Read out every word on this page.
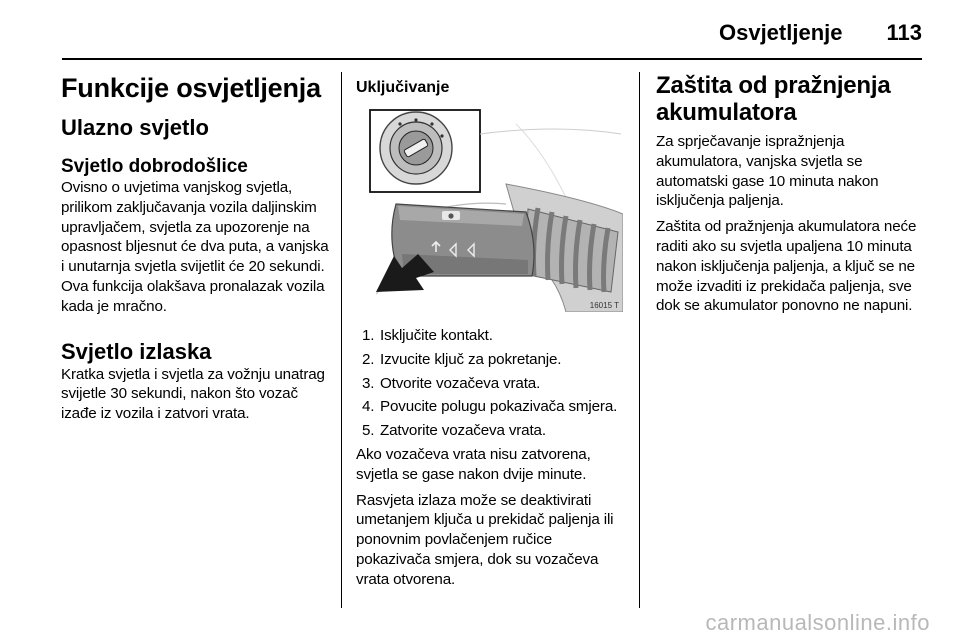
Osvjetljenje 113
Funkcije osvjetljenja
Ulazno svjetlo
Svjetlo dobrodošlice

Ovisno o uvjetima vanjskog svjetla, prilikom zaključavanja vozila daljinskim upravljačem, svjetla za upozorenje na opasnost bljesnut će dva puta, a vanjska i unutarnja svjetla svijetlit će 20 sekundi. Ova funkcija olakšava pronalazak vozila kada je mračno.

Svjetlo izlaska

Kratka svjetla i svjetla za vožnju unatrag svijetle 30 sekundi, nakon što vozač izađe iz vozila i zatvori vrata.

Uključivanje
16015 T
1. Isključite kontakt.
2. Izvucite ključ za pokretanje.
3. Otvorite vozačeva vrata.
4. Povucite polugu pokazivača smjera.
5. Zatvorite vozačeva vrata.

Ako vozačeva vrata nisu zatvorena, svjetla se gase nakon dvije minute.

Rasvjeta izlaza može se deaktivirati umetanjem ključa u prekidač paljenja ili ponovnim povlačenjem ručice pokazivača smjera, dok su vozačeva vrata otvorena.

Zaštita od pražnjenja akumulatora

Za sprječavanje ispražnjenja akumulatora, vanjska svjetla se automatski gase 10 minuta nakon isključenja paljenja.

Zaštita od pražnjenja akumulatora neće raditi ako su svjetla upaljena 10 minuta nakon isključenja paljenja, a ključ se ne može izvaditi iz prekidača paljenja, sve dok se akumulator ponovno ne napuni.

carmanualsonline.info
